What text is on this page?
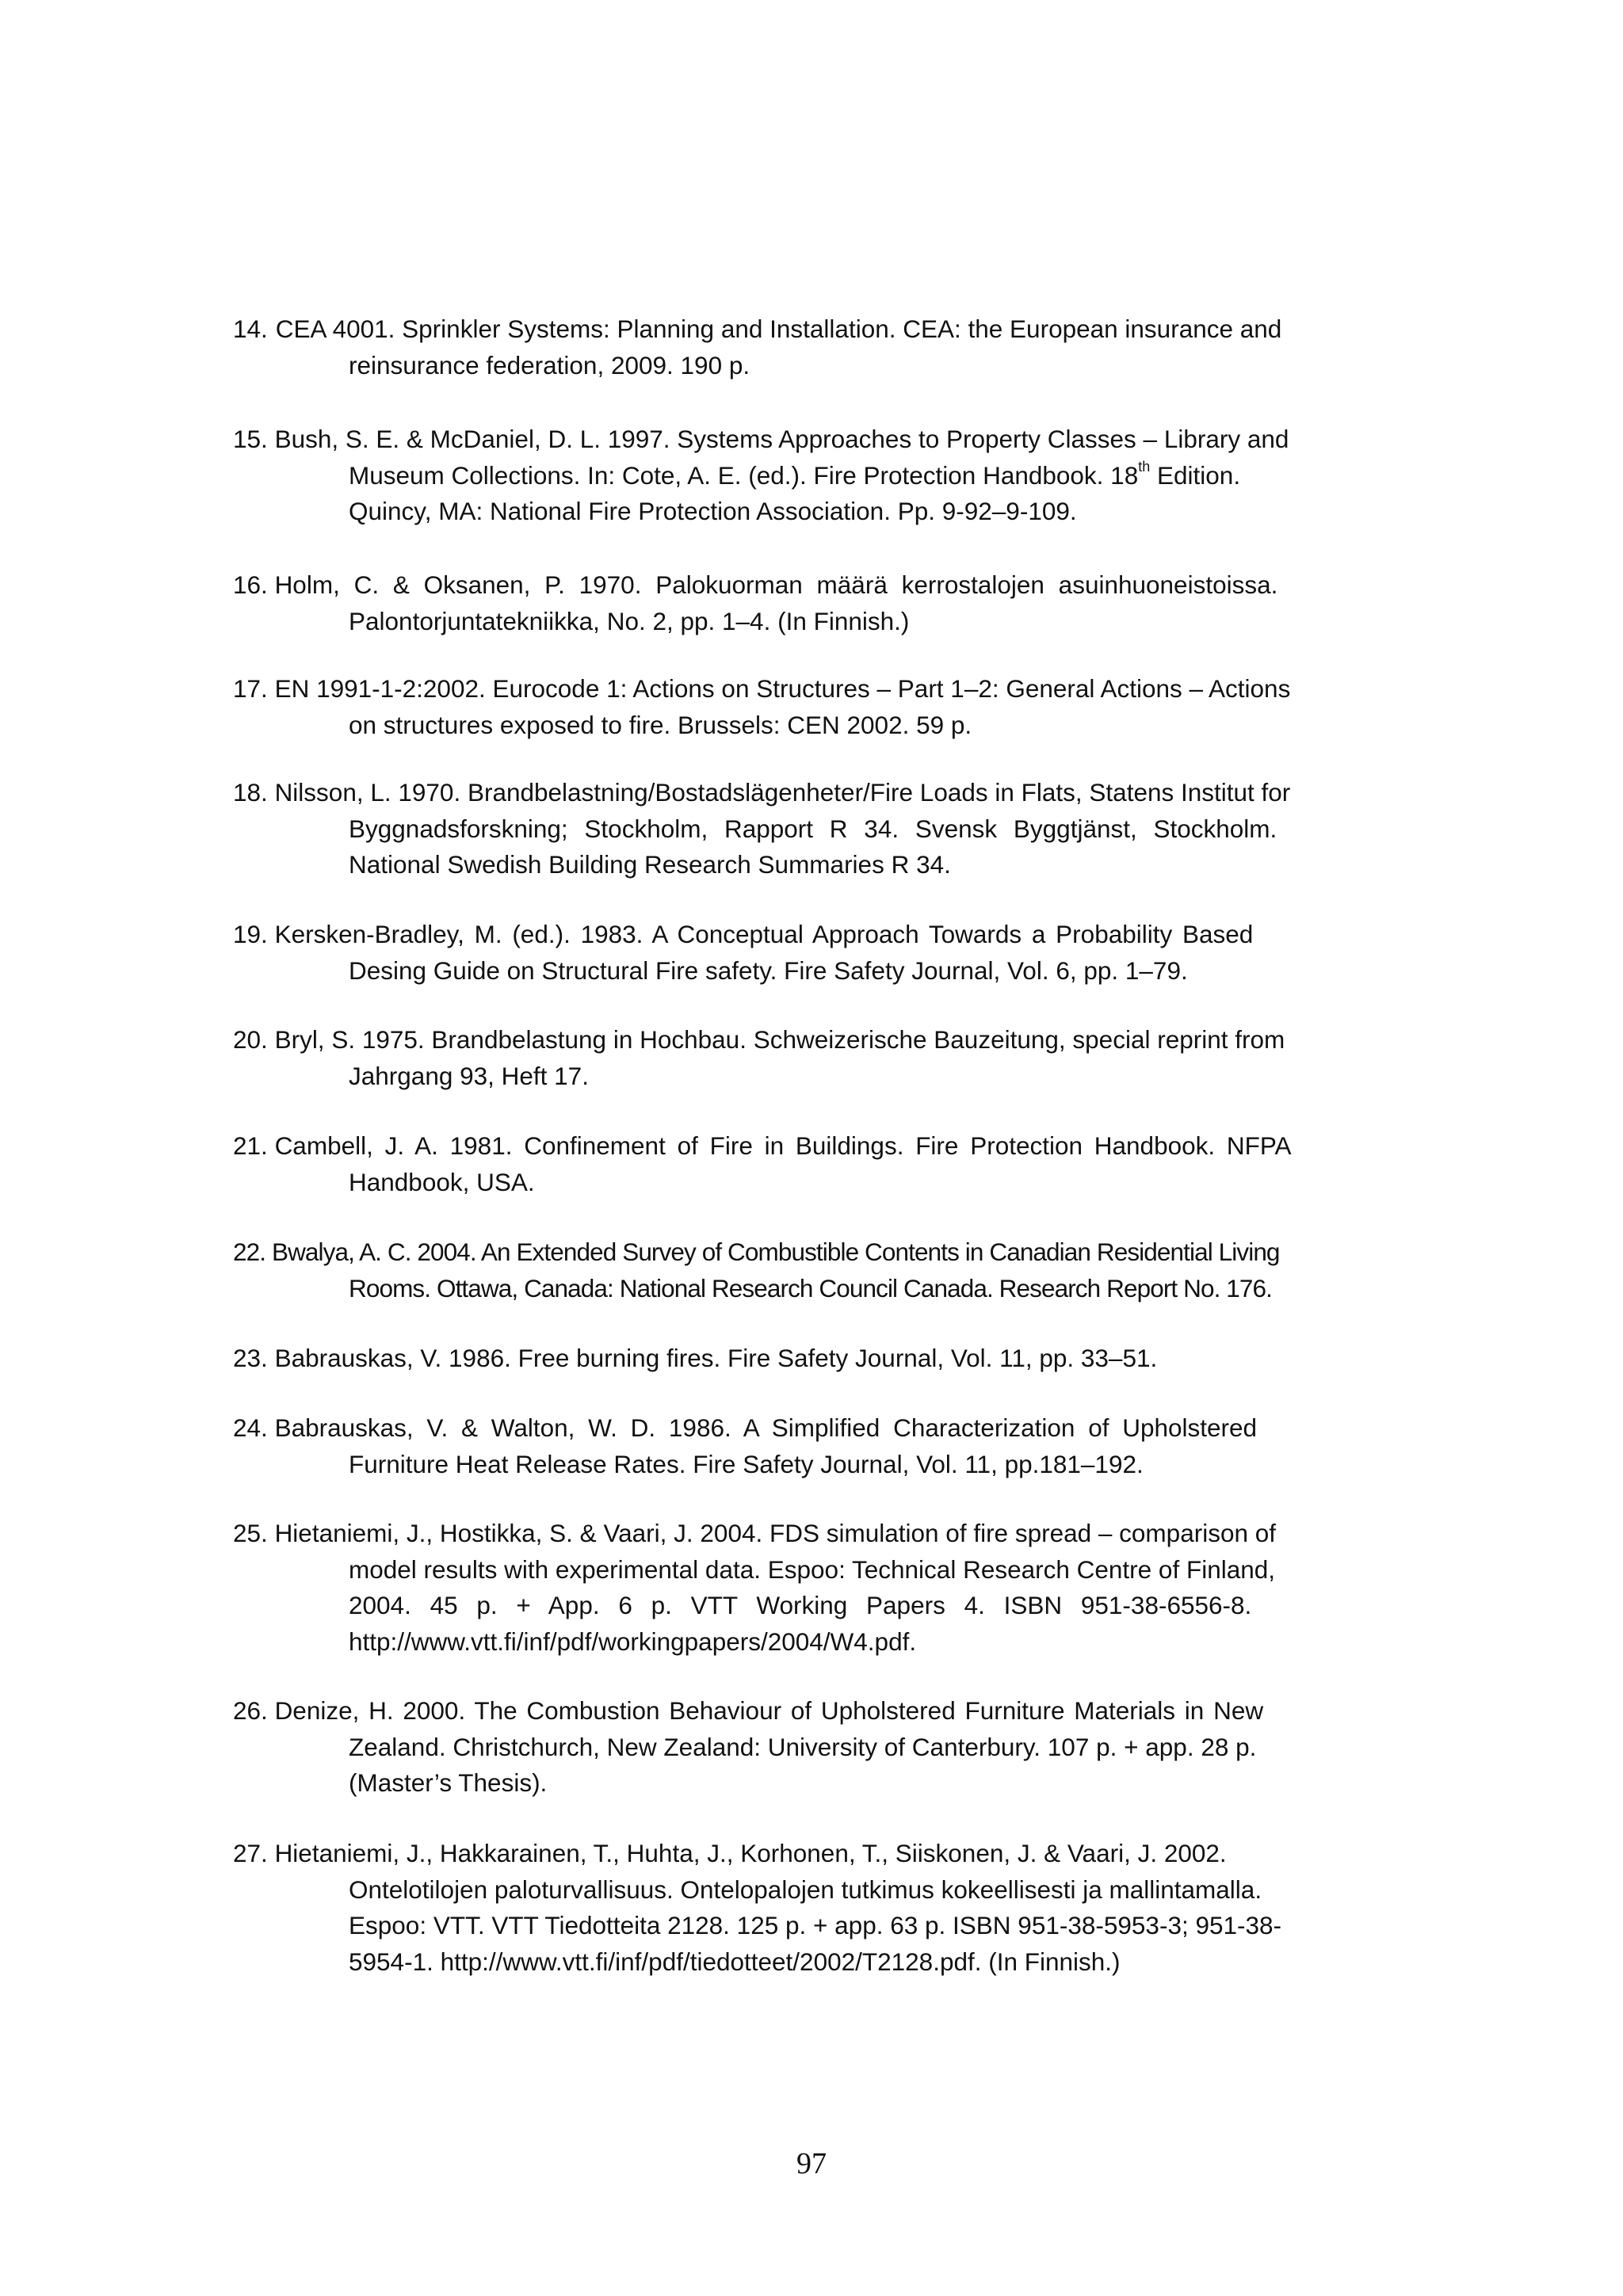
14. CEA 4001. Sprinkler Systems: Planning and Installation. CEA: the European insurance and
reinsurance federation, 2009. 190 p.
15. Bush, S. E. & McDaniel, D. L. 1997. Systems Approaches to Property Classes – Library and
Museum Collections. In: Cote, A. E. (ed.). Fire Protection Handbook. 18th Edition.
Quincy, MA: National Fire Protection Association. Pp. 9-92–9-109.
16. Holm, C. & Oksanen, P. 1970. Palokuorman määrä kerrostalojen asuinhuoneistoissa.
Palontorjuntatekniikka, No. 2, pp. 1–4. (In Finnish.)
17. EN 1991-1-2:2002. Eurocode 1: Actions on Structures – Part 1–2: General Actions – Actions
on structures exposed to fire. Brussels: CEN 2002. 59 p.
18. Nilsson, L. 1970. Brandbelastning/Bostadslägenheter/Fire Loads in Flats, Statens Institut for
Byggnadsforskning; Stockholm, Rapport R 34. Svensk Byggtjänst, Stockholm.
National Swedish Building Research Summaries R 34.
19. Kersken-Bradley, M. (ed.). 1983. A Conceptual Approach Towards a Probability Based
Desing Guide on Structural Fire safety. Fire Safety Journal, Vol. 6, pp. 1–79.
20. Bryl, S. 1975. Brandbelastung in Hochbau. Schweizerische Bauzeitung, special reprint from
Jahrgang 93, Heft 17.
21. Cambell, J. A. 1981. Confinement of Fire in Buildings. Fire Protection Handbook. NFPA
Handbook, USA.
22. Bwalya, A. C. 2004. An Extended Survey of Combustible Contents in Canadian Residential Living
Rooms. Ottawa, Canada: National Research Council Canada. Research Report No. 176.
23. Babrauskas, V. 1986. Free burning fires. Fire Safety Journal, Vol. 11, pp. 33–51.
24. Babrauskas, V. & Walton, W. D. 1986. A Simplified Characterization of Upholstered
Furniture Heat Release Rates. Fire Safety Journal, Vol. 11, pp.181–192.
25. Hietaniemi, J., Hostikka, S. & Vaari, J. 2004. FDS simulation of fire spread – comparison of
model results with experimental data. Espoo: Technical Research Centre of Finland,
2004. 45 p. + App. 6 p. VTT Working Papers 4. ISBN 951-38-6556-8.
http://www.vtt.fi/inf/pdf/workingpapers/2004/W4.pdf.
26. Denize, H. 2000. The Combustion Behaviour of Upholstered Furniture Materials in New
Zealand. Christchurch, New Zealand: University of Canterbury. 107 p. + app. 28 p.
(Master’s Thesis).
27. Hietaniemi, J., Hakkarainen, T., Huhta, J., Korhonen, T., Siiskonen, J. & Vaari, J. 2002.
Ontelotilojen paloturvallisuus. Ontelopalojen tutkimus kokeellisesti ja mallintamalla.
Espoo: VTT. VTT Tiedotteita 2128. 125 p. + app. 63 p. ISBN 951-38-5953-3; 951-38-
5954-1. http://www.vtt.fi/inf/pdf/tiedotteet/2002/T2128.pdf. (In Finnish.)
97
